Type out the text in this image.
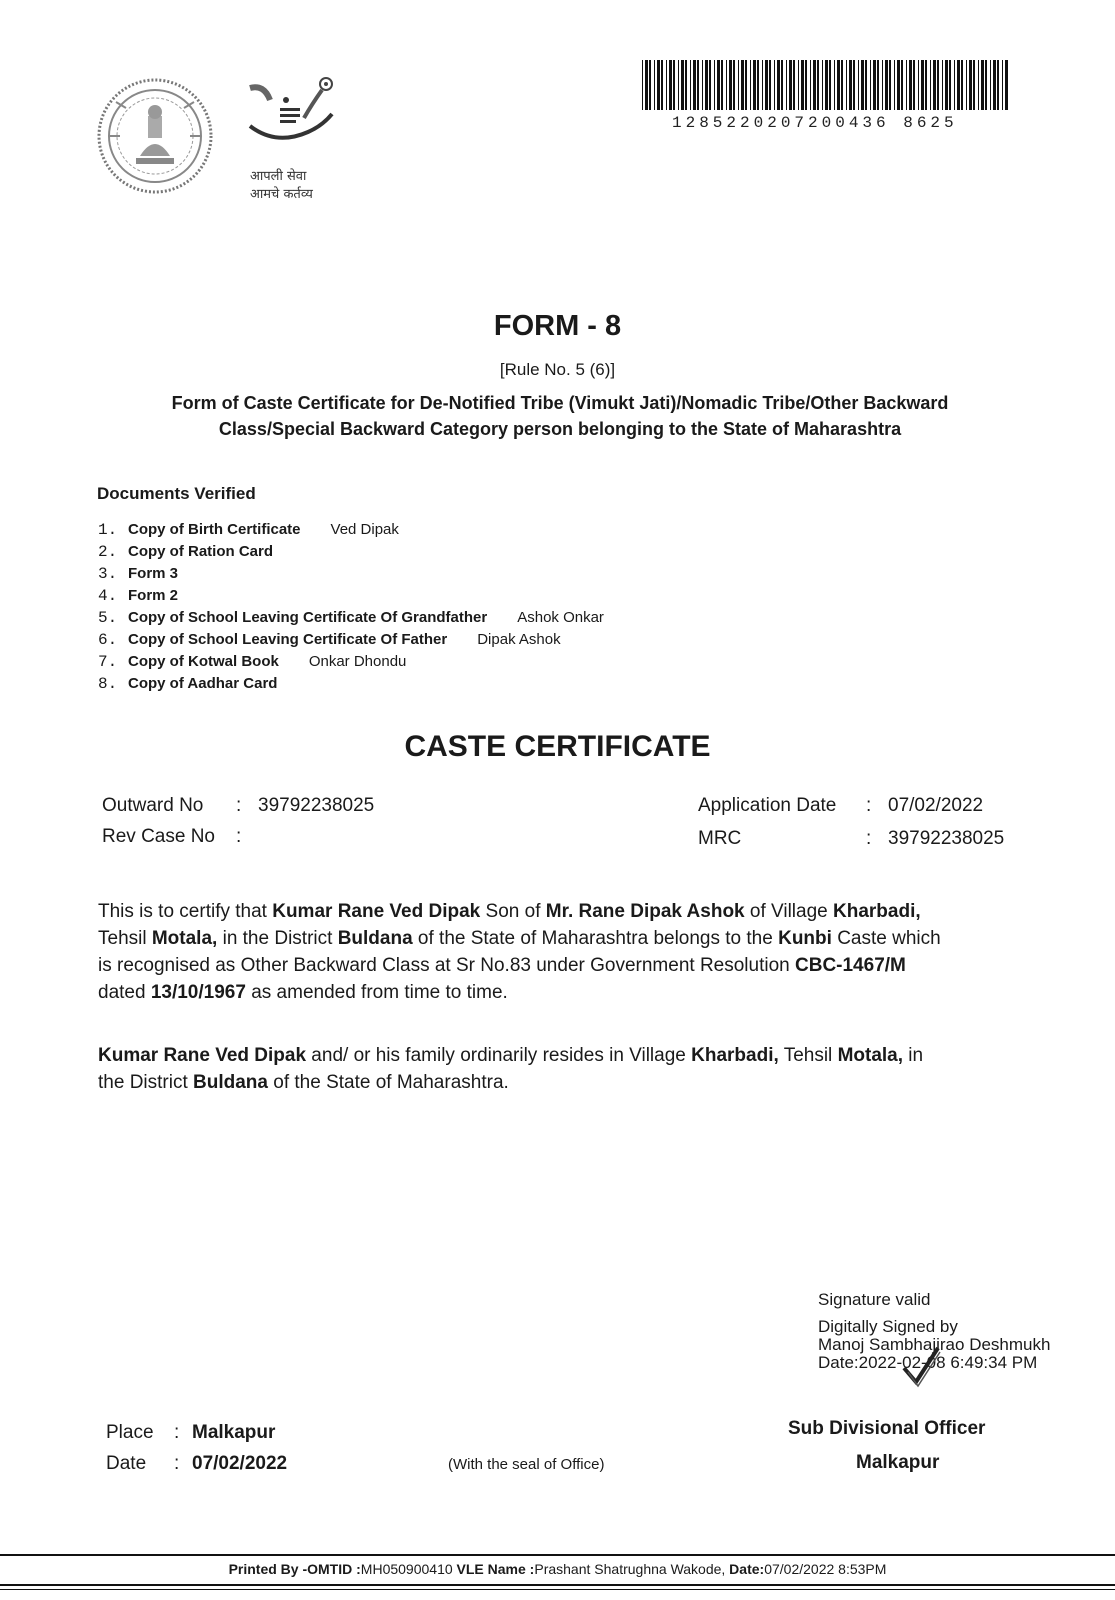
आपली सेवा
आमचे कर्तव्य
1285220207200436 8625
FORM - 8
[Rule No. 5 (6)]
Form of Caste Certificate for De-Notified Tribe (Vimukt Jati)/Nomadic Tribe/Other Backward
Class/Special Backward Category person belonging to the State of Maharashtra
Documents Verified
1. Copy of Birth Certificate Ved Dipak
2. Copy of Ration Card
3. Form 3
4. Form 2
5. Copy of School Leaving Certificate Of Grandfather Ashok Onkar
6. Copy of School Leaving Certificate Of Father Dipak Ashok
7. Copy of Kotwal Book Onkar Dhondu
8. Copy of Aadhar Card
CASTE CERTIFICATE
Outward No : 39792238025
Rev Case No :
Application Date : 07/02/2022
MRC	: 39792238025
This is to certify that Kumar Rane Ved Dipak Son of Mr. Rane Dipak Ashok of Village Kharbadi,
Tehsil Motala, in the District Buldana of the State of Maharashtra belongs to the Kunbi Caste which
is recognised as Other Backward Class at Sr No.83 under Government Resolution CBC-1467/M
dated 13/10/1967 as amended from time to time.
Kumar Rane Ved Dipak and/ or his family ordinarily resides in Village Kharbadi, Tehsil Motala, in
the District Buldana of the State of Maharashtra.
Signature valid
Digitally Signed by
Manoj Sambhajirao Deshmukh
Date:2022-02-08 6:49:34 PM
Sub Divisional Officer
Malkapur
Place : Malkapur
Date : 07/02/2022	(With the seal of Office)
Printed By -OMTID :MH050900410 VLE Name :Prashant Shatrughna Wakode, Date:07/02/2022 8:53PM
